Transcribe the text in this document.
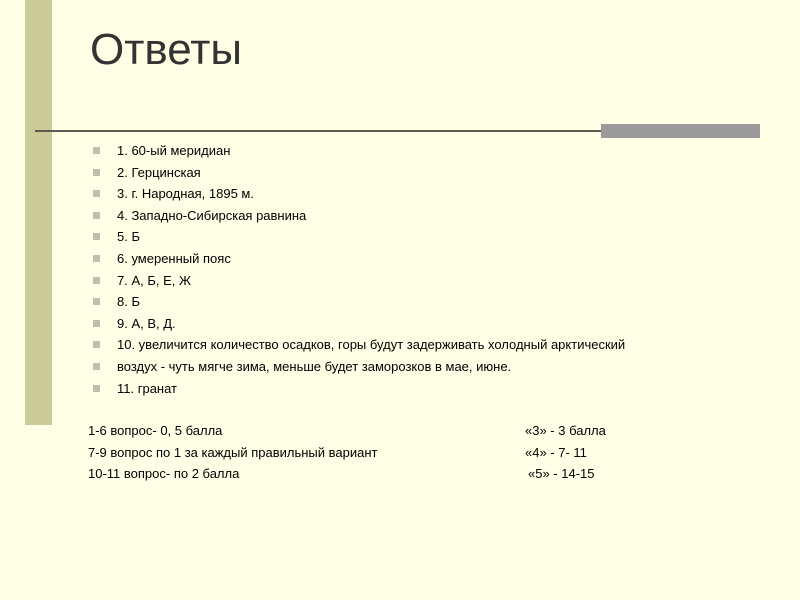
Ответы
1. 60-ый меридиан
2. Герцинская
3. г. Народная, 1895 м.
4. Западно-Сибирская равнина
5. Б
6. умеренный пояс
7. А, Б, Е, Ж
8. Б
9. А, В, Д.
10. увеличится количество осадков, горы будут задерживать холодный арктический
воздух - чуть мягче зима, меньше будет заморозков в мае, июне.
11. гранат
1-6 вопрос- 0, 5 балла	«3» - 3 балла
7-9 вопрос по 1 за каждый правильный вариант	«4» - 7- 11
10-11 вопрос- по 2 балла	«5» - 14-15
